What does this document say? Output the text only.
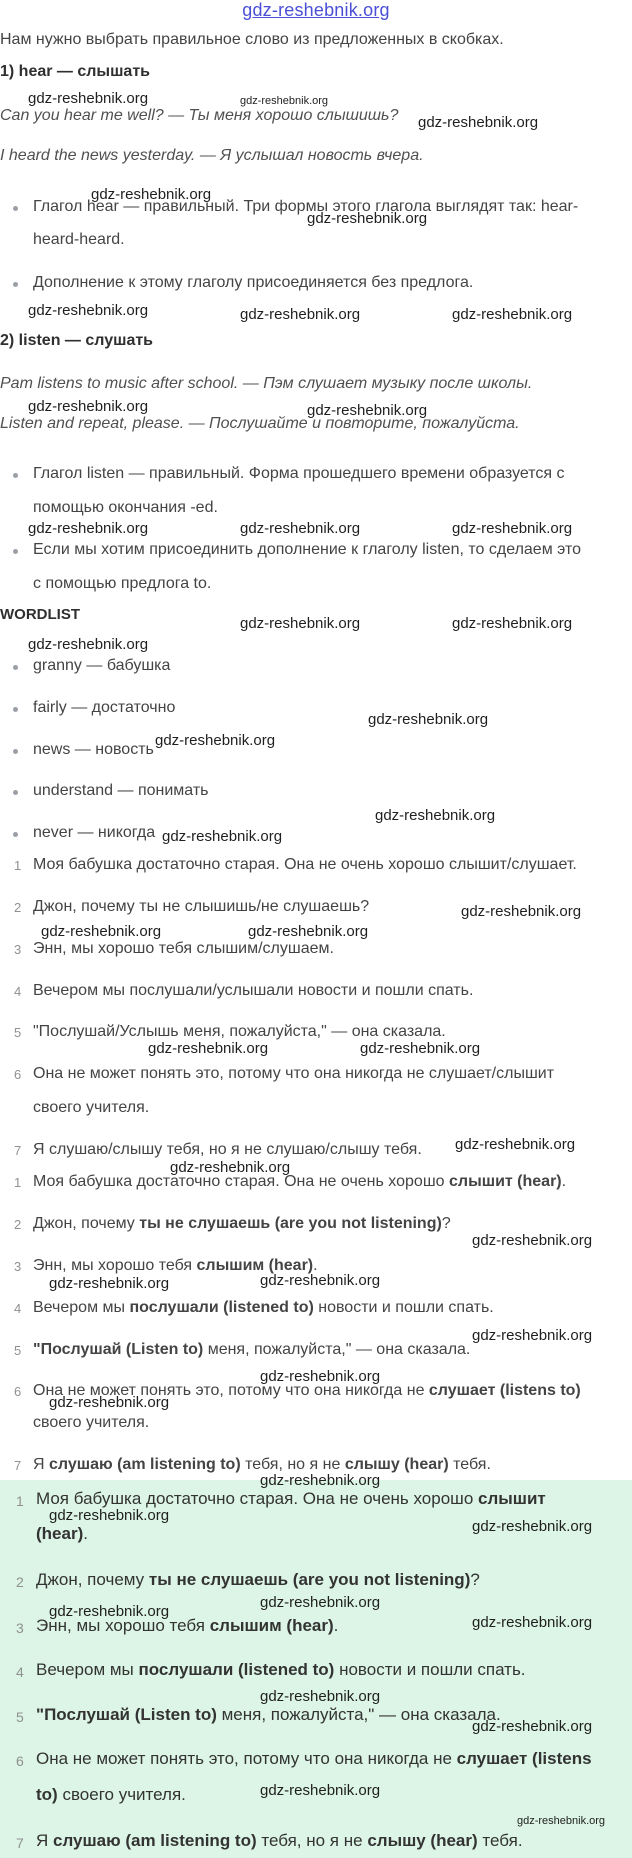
gdz-reshebnik.org
Нам нужно выбрать правильное слово из предложенных в скобках.
1) hear — слышать
Can you hear me well? — Ты меня хорошо слышишь?
I heard the news yesterday. — Я услышал новость вчера.
Глагол hear — правильный. Три формы этого глагола выглядят так: hear-
heard-heard.
Дополнение к этому глаголу присоединяется без предлога.
2) listen — слушать
Pam listens to music after school. — Пэм слушает музыку после школы.
Listen and repeat, please. — Послушайте и повторите, пожалуйста.
Глагол listen — правильный. Форма прошедшего времени образуется с
помощью окончания -ed.
Если мы хотим присоединить дополнение к глаголу listen, то сделаем это
с помощью предлога to.
WORDLIST
granny — бабушка
fairly — достаточно
news — новость
understand — понимать
never — никогда
1 Моя бабушка достаточно старая. Она не очень хорошо слышит/слушает.
2 Джон, почему ты не слышишь/не слушаешь?
3 Энн, мы хорошо тебя слышим/слушаем.
4 Вечером мы послушали/услышали новости и пошли спать.
5 "Послушай/Услышь меня, пожалуйста," — она сказала.
6 Она не может понять это, потому что она никогда не слушает/слышит
своего учителя.
7 Я слушаю/слышу тебя, но я не слушаю/слышу тебя.
1 Моя бабушка достаточно старая. Она не очень хорошо слышит (hear).
2 Джон, почему ты не слушаешь (are you not listening)?
3 Энн, мы хорошо тебя слышим (hear).
4 Вечером мы послушали (listened to) новости и пошли спать.
5 "Послушай (Listen to) меня, пожалуйста," — она сказала.
6 Она не может понять это, потому что она никогда не слушает (listens to)
своего учителя.
7 Я слушаю (am listening to) тебя, но я не слышу (hear) тебя.
1 Моя бабушка достаточно старая. Она не очень хорошо слышит
(hear).
2 Джон, почему ты не слушаешь (are you not listening)?
3 Энн, мы хорошо тебя слышим (hear).
4 Вечером мы послушали (listened to) новости и пошли спать.
5 "Послушай (Listen to) меня, пожалуйста," — она сказала.
6 Она не может понять это, потому что она никогда не слушает (listens
to) своего учителя.
7 Я слушаю (am listening to) тебя, но я не слышу (hear) тебя.
gdz-reshebnik.org	gdz-reshebnik.org
gdz-reshebnik.org
gdz-reshebnik.org
gdz-reshebnik.org
gdz-reshebnik.org	gdz-reshebnik.org	gdz-reshebnik.org
gdz-reshebnik.org	gdz-reshebnik.org
gdz-reshebnik.org	gdz-reshebnik.org
gdz-reshebnik.org
gdz-reshebnik.org	gdz-reshebnik.org
gdz-reshebnik.org
gdz-reshebnik.org
gdz-reshebnik.org
gdz-reshebnik.org
gdz-reshebnik.org
gdz-reshebnik.org
gdz-reshebnik.org	gdz-reshebnik.org
gdz-reshebnik.org	gdz-reshebnik.org
gdz-reshebnik.org
gdz-reshebnik.org
gdz-reshebnik.org
gdz-reshebnik.org	gdz-reshebnik.org
gdz-reshebnik.org
gdz-reshebnik.org
gdz-reshebnik.org
gdz-reshebnik.org
gdz-reshebnik.org
gdz-reshebnik.org
gdz-reshebnik.org
gdz-reshebnik.org
gdz-reshebnik.org
gdz-reshebnik.org
gdz-reshebnik.org
gdz-reshebnik.org
gdz-reshebnik.org
